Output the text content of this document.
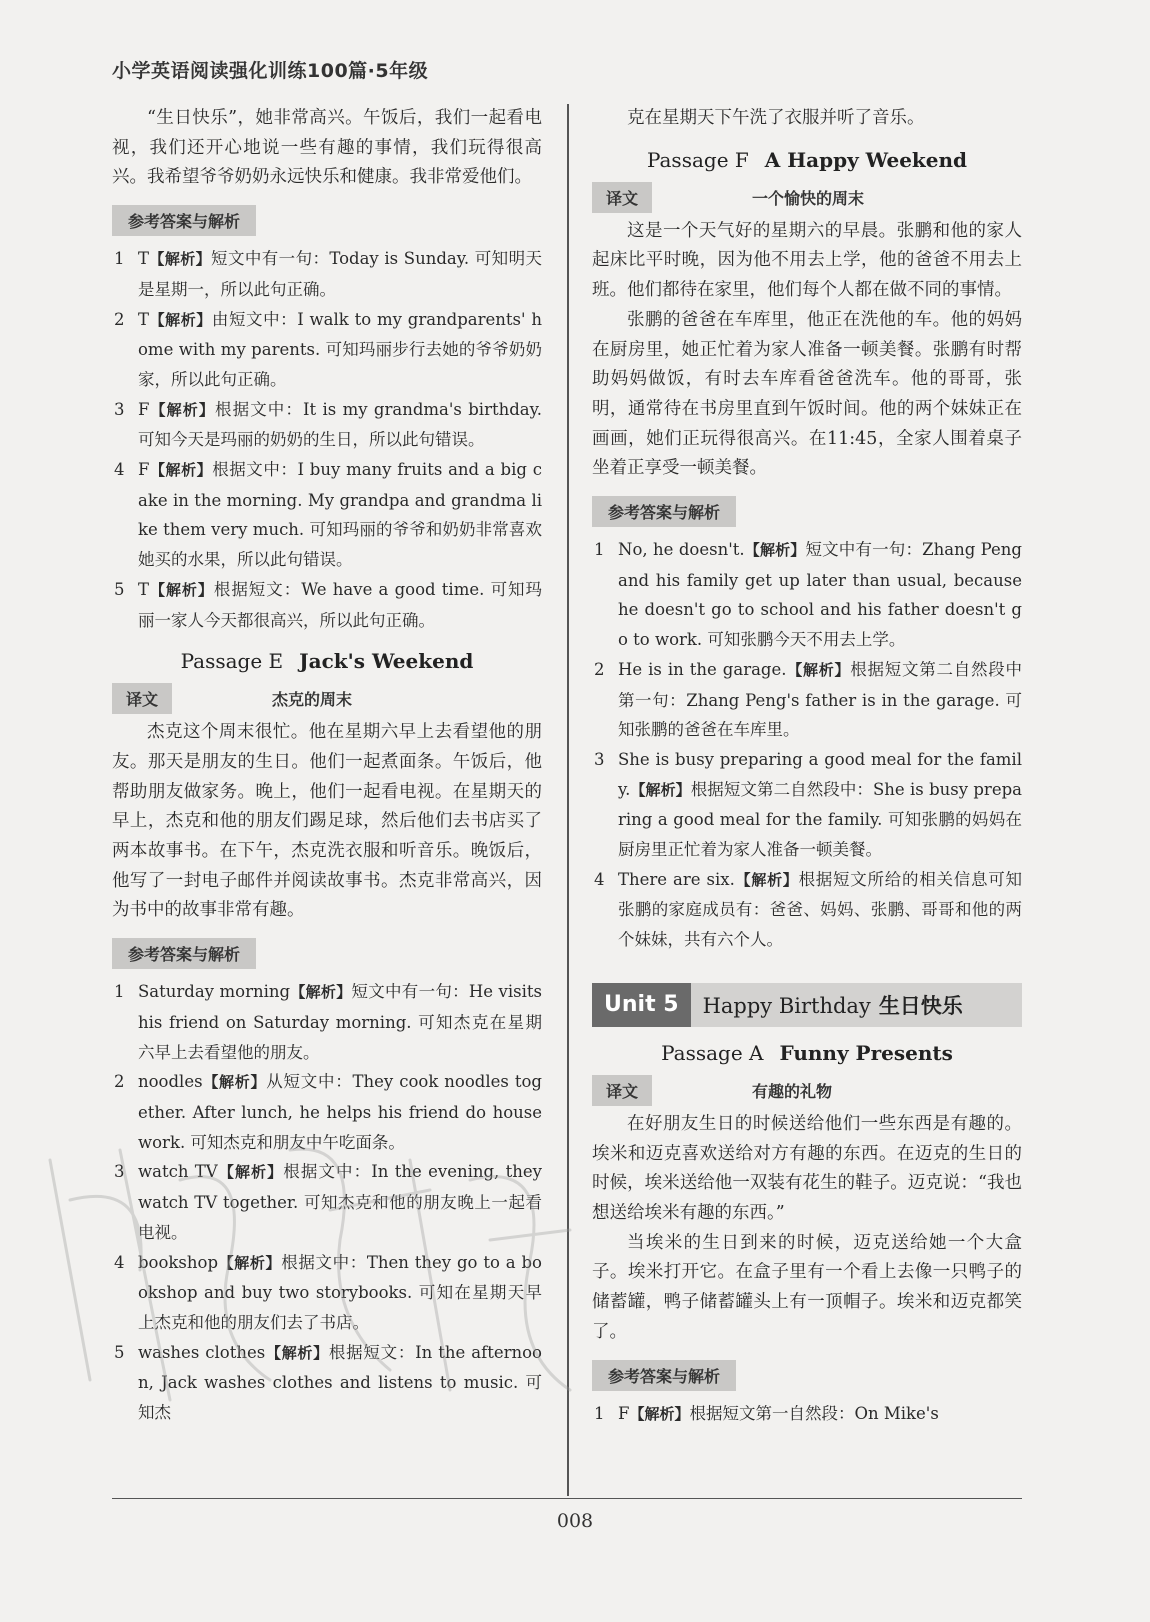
小学英语阅读强化训练100篇·5年级

“生日快乐”，她非常高兴。午饭后，我们一起看电视，我们还开心地说一些有趣的事情，我们玩得很高兴。我希望爷爷奶奶永远快乐和健康。我非常爱他们。

参考答案与解析
1 T【解析】短文中有一句：Today is Sunday. 可知明天是星期一，所以此句正确。
2 T【解析】由短文中：I walk to my grandparents' home with my parents. 可知玛丽步行去她的爷爷奶奶家，所以此句正确。
3 F【解析】根据文中：It is my grandma's birthday. 可知今天是玛丽的奶奶的生日，所以此句错误。
4 F【解析】根据文中：I buy many fruits and a big cake in the morning. My grandpa and grandma like them very much. 可知玛丽的爷爷和奶奶非常喜欢她买的水果，所以此句错误。
5 T【解析】根据短文：We have a good time. 可知玛丽一家人今天都很高兴，所以此句正确。
Passage E Jack's Weekend
译文	杰克的周末

杰克这个周末很忙。他在星期六早上去看望他的朋友。那天是朋友的生日。他们一起煮面条。午饭后，他帮助朋友做家务。晚上，他们一起看电视。在星期天的早上，杰克和他的朋友们踢足球，然后他们去书店买了两本故事书。在下午，杰克洗衣服和听音乐。晚饭后，他写了一封电子邮件并阅读故事书。杰克非常高兴，因为书中的故事非常有趣。

参考答案与解析
1 Saturday morning【解析】短文中有一句：He visits his friend on Saturday morning. 可知杰克在星期六早上去看望他的朋友。
2 noodles【解析】从短文中：They cook noodles together. After lunch, he helps his friend do housework. 可知杰克和朋友中午吃面条。
3 watch TV【解析】根据文中：In the evening, they watch TV together. 可知杰克和他的朋友晚上一起看电视。
4 bookshop【解析】根据文中：Then they go to a bookshop and buy two storybooks. 可知在星期天早上杰克和他的朋友们去了书店。
5 washes clothes【解析】根据短文：In the afternoon, Jack washes clothes and listens to music. 可知杰

克在星期天下午洗了衣服并听了音乐。

Passage F A Happy Weekend
译文	一个愉快的周末

这是一个天气好的星期六的早晨。张鹏和他的家人起床比平时晚，因为他不用去上学，他的爸爸不用去上班。他们都待在家里，他们每个人都在做不同的事情。

张鹏的爸爸在车库里，他正在洗他的车。他的妈妈在厨房里，她正忙着为家人准备一顿美餐。张鹏有时帮助妈妈做饭，有时去车库看爸爸洗车。他的哥哥，张明，通常待在书房里直到午饭时间。他的两个妹妹正在画画，她们正玩得很高兴。在11:45，全家人围着桌子坐着正享受一顿美餐。

参考答案与解析
1 No, he doesn't.【解析】短文中有一句：Zhang Peng and his family get up later than usual, because he doesn't go to school and his father doesn't go to work. 可知张鹏今天不用去上学。
2 He is in the garage.【解析】根据短文第二自然段中第一句：Zhang Peng's father is in the garage. 可知张鹏的爸爸在车库里。
3 She is busy preparing a good meal for the family.【解析】根据短文第二自然段中：She is busy preparing a good meal for the family. 可知张鹏的妈妈在厨房里正忙着为家人准备一顿美餐。
4 There are six.【解析】根据短文所给的相关信息可知张鹏的家庭成员有：爸爸、妈妈、张鹏、哥哥和他的两个妹妹，共有六个人。
Unit 5	Happy Birthday 生日快乐
Passage A Funny Presents
译文	有趣的礼物

在好朋友生日的时候送给他们一些东西是有趣的。埃米和迈克喜欢送给对方有趣的东西。在迈克的生日的时候，埃米送给他一双装有花生的鞋子。迈克说：“我也想送给埃米有趣的东西。”

当埃米的生日到来的时候，迈克送给她一个大盒子。埃米打开它。在盒子里有一个看上去像一只鸭子的储蓄罐，鸭子储蓄罐头上有一顶帽子。埃米和迈克都笑了。

参考答案与解析
1 F【解析】根据短文第一自然段：On Mike's
008
